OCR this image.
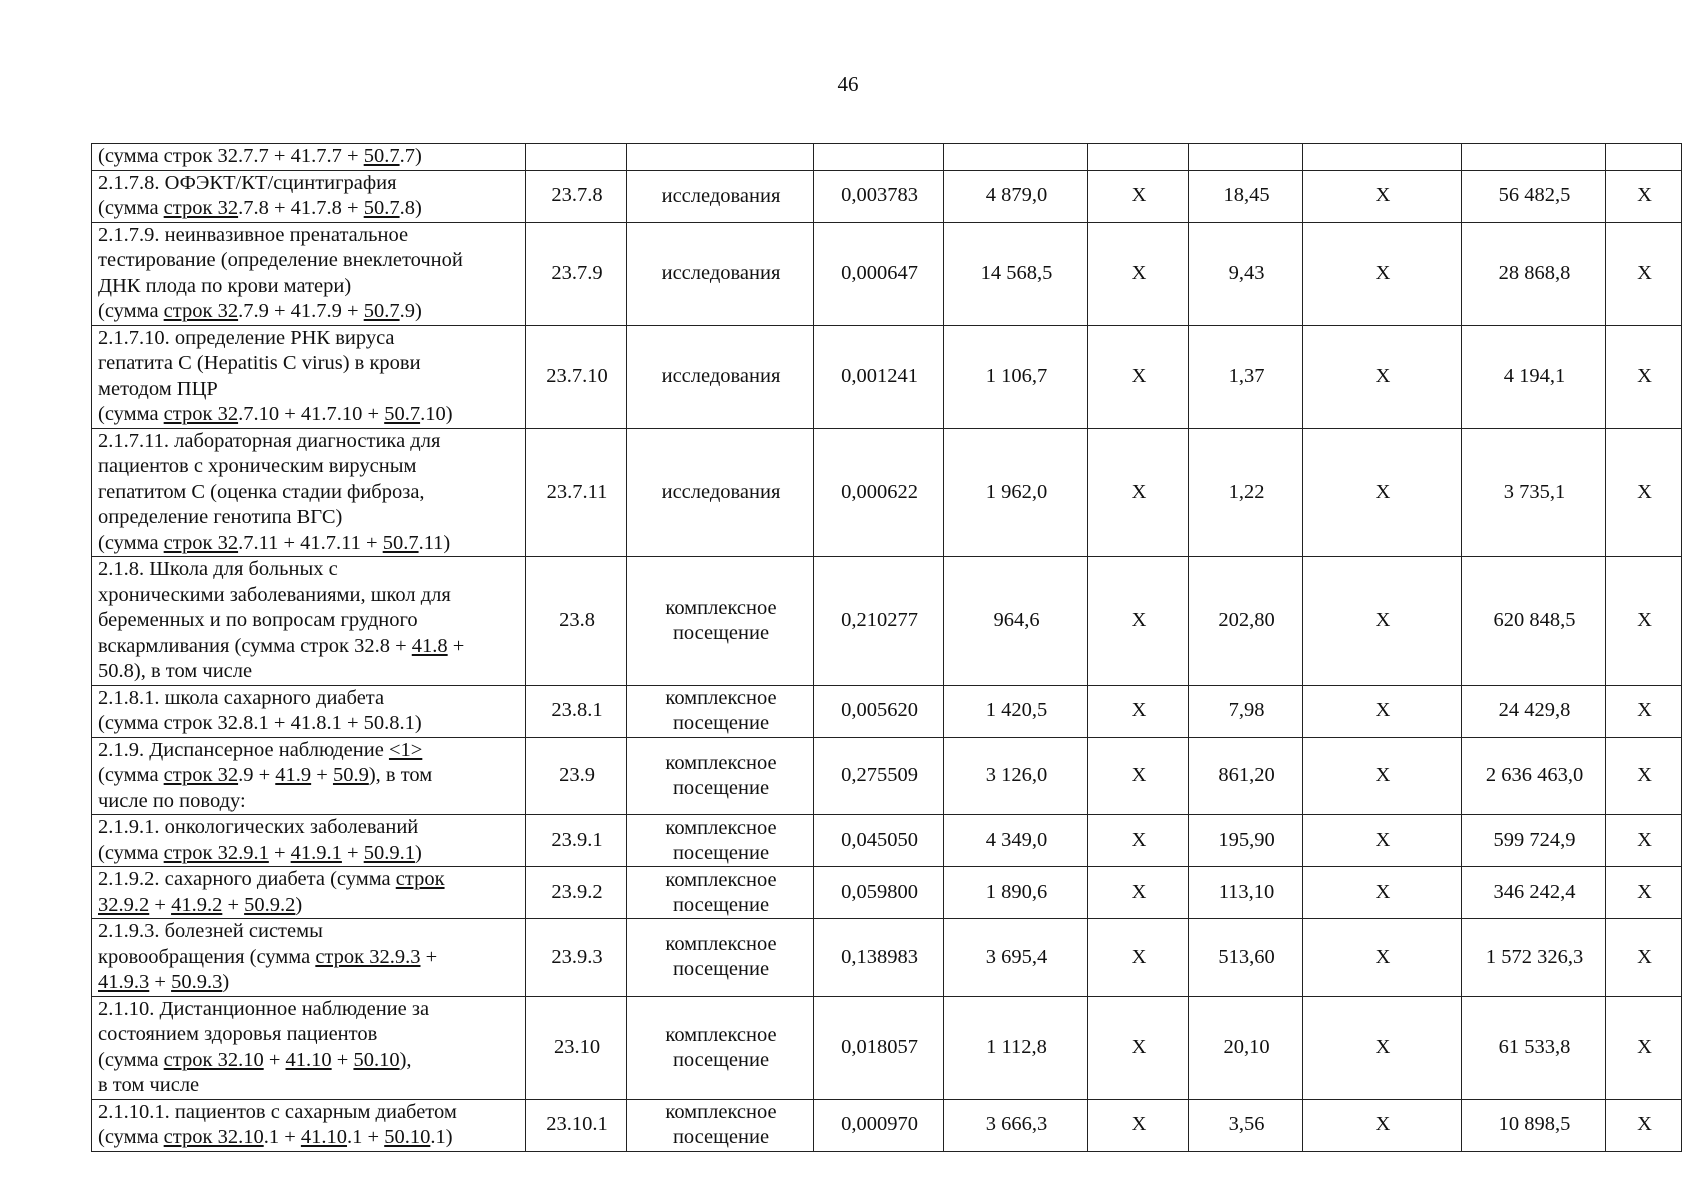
46
(сумма строк 32.7.7 + 41.7.7 + 50.7.7)									
2.1.7.8. ОФЭКТ/КТ/сцинтиграфия
(сумма строк 32.7.8 + 41.7.8 + 50.7.8)	23.7.8	исследования	0,003783	4 879,0	X	18,45	X	56 482,5	X
2.1.7.9. неинвазивное пренатальное
тестирование (определение внеклеточной
ДНК плода по крови матери)
(сумма строк 32.7.9 + 41.7.9 + 50.7.9)	23.7.9	исследования	0,000647	14 568,5	X	9,43	X	28 868,8	X
2.1.7.10. определение РНК вируса
гепатита С (Hepatitis C virus) в крови
методом ПЦР
(сумма строк 32.7.10 + 41.7.10 + 50.7.10)	23.7.10	исследования	0,001241	1 106,7	X	1,37	X	4 194,1	X
2.1.7.11. лабораторная диагностика для
пациентов с хроническим вирусным
гепатитом С (оценка стадии фиброза,
определение генотипа ВГС)
(сумма строк 32.7.11 + 41.7.11 + 50.7.11)	23.7.11	исследования	0,000622	1 962,0	X	1,22	X	3 735,1	X
2.1.8. Школа для больных с
хроническими заболеваниями, школ для
беременных и по вопросам грудного
вскармливания (сумма строк 32.8 + 41.8 +
50.8), в том числе	23.8	комплексное посещение	0,210277	964,6	X	202,80	X	620 848,5	X
2.1.8.1. школа сахарного диабета
(сумма строк 32.8.1 + 41.8.1 + 50.8.1)	23.8.1	комплексное посещение	0,005620	1 420,5	X	7,98	X	24 429,8	X
2.1.9. Диспансерное наблюдение <1>
(сумма строк 32.9 + 41.9 + 50.9), в том
числе по поводу:	23.9	комплексное посещение	0,275509	3 126,0	X	861,20	X	2 636 463,0	X
2.1.9.1. онкологических заболеваний
(сумма строк 32.9.1 + 41.9.1 + 50.9.1)	23.9.1	комплексное посещение	0,045050	4 349,0	X	195,90	X	599 724,9	X
2.1.9.2. сахарного диабета (сумма строк
32.9.2 + 41.9.2 + 50.9.2)	23.9.2	комплексное посещение	0,059800	1 890,6	X	113,10	X	346 242,4	X
2.1.9.3. болезней системы
кровообращения (сумма строк 32.9.3 +
41.9.3 + 50.9.3)	23.9.3	комплексное посещение	0,138983	3 695,4	X	513,60	X	1 572 326,3	X
2.1.10. Дистанционное наблюдение за
состоянием здоровья пациентов
(сумма строк 32.10 + 41.10 + 50.10),
в том числе	23.10	комплексное посещение	0,018057	1 112,8	X	20,10	X	61 533,8	X
2.1.10.1. пациентов с сахарным диабетом
(сумма строк 32.10.1 + 41.10.1 + 50.10.1)	23.10.1	комплексное посещение	0,000970	3 666,3	X	3,56	X	10 898,5	X
